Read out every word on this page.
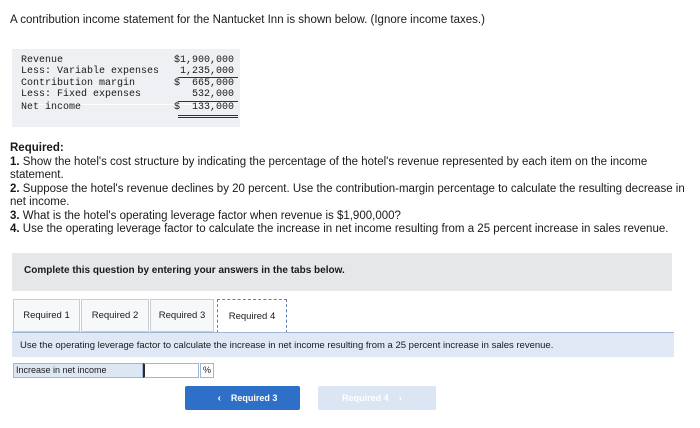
A contribution income statement for the Nantucket Inn is shown below. (Ignore income taxes.)
Revenue	$1,900,000
Less: Variable expenses 1,235,000
Contribution margin	$  665,000
Less: Fixed expenses	532,000
Net income	$  133,000
Required:
1. Show the hotel's cost structure by indicating the percentage of the hotel's revenue represented by each item on the income statement.
2. Suppose the hotel's revenue declines by 20 percent. Use the contribution-margin percentage to calculate the resulting decrease in net income.
3. What is the hotel's operating leverage factor when revenue is $1,900,000?
4. Use the operating leverage factor to calculate the increase in net income resulting from a 25 percent increase in sales revenue.
Complete this question by entering your answers in the tabs below.
Required 1	Required 2	Required 3	Required 4
Use the operating leverage factor to calculate the increase in net income resulting from a 25 percent increase in sales revenue.
Increase in net income	%
‹ Required 3	Required 4 ›
